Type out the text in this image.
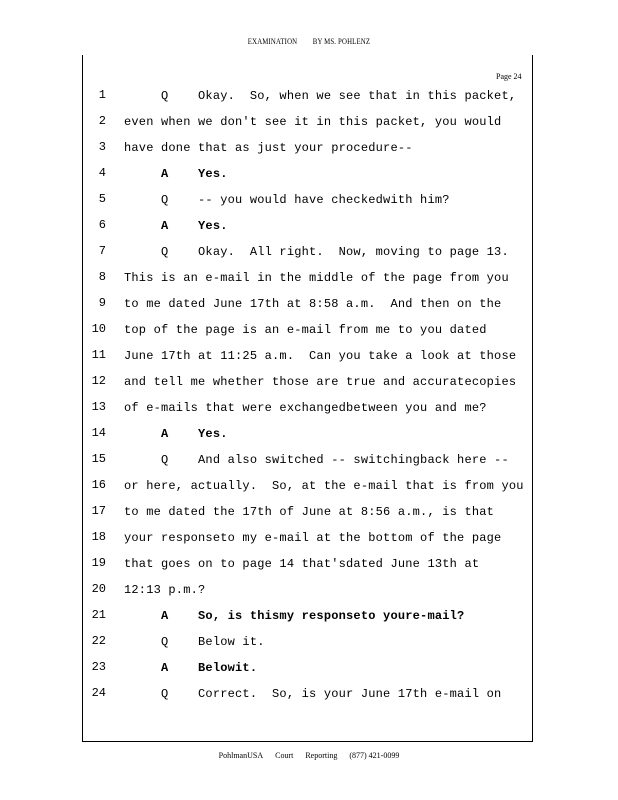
EXAMINATION BY MS. POHLENZ
Page 24
1 Q    Okay.  So, when we see that in this packet,
2 even when we don't see it in this packet, you would
3 have done that as just your procedure--
4 A    Yes.
5 Q    -- you would have checkedwith him?
6 A    Yes.
7 Q    Okay.  All right.  Now, moving to page 13.
8 This is an e-mail in the middle of the page from you
9 to me dated June 17th at 8:58 a.m.  And then on the
10 top of the page is an e-mail from me to you dated
11 June 17th at 11:25 a.m.  Can you take a look at those
12 and tell me whether those are true and accuratecopies
13 of e-mails that were exchangedbetween you and me?
14 A    Yes.
15 Q    And also switched -- switchingback here --
16 or here, actually.  So, at the e-mail that is from you
17 to me dated the 17th of June at 8:56 a.m., is that
18 your responseto my e-mail at the bottom of the page
19 that goes on to page 14 that'sdated June 13th at
20 12:13 p.m.?
21 A    So, is thismy responseto youre-mail?
22 Q    Below it.
23 A    Belowit.
24 Q    Correct.  So, is your June 17th e-mail on
PohlmanUSA Court Reporting (877) 421-0099
